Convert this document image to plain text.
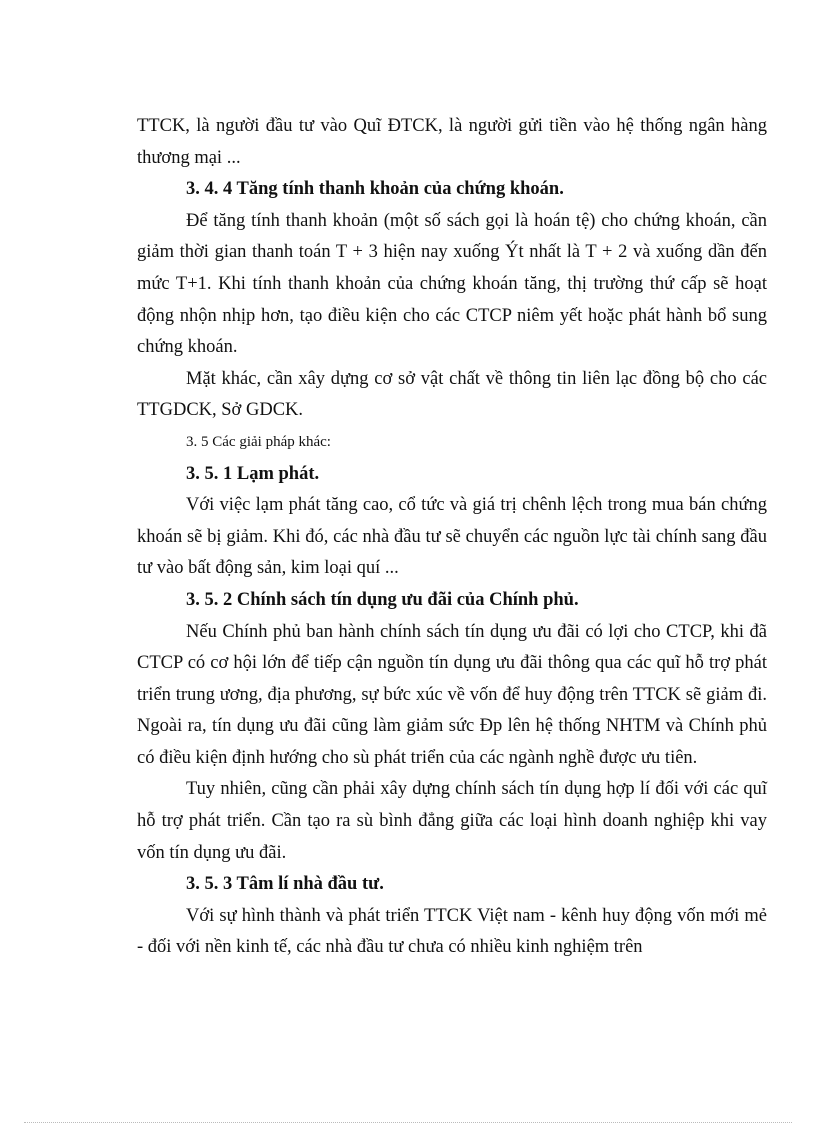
TTCK, là người đầu tư vào Quĩ ĐTCK, là người gửi tiền vào hệ thống ngân hàng thương mại ...

3. 4. 4 Tăng tính thanh khoản của chứng khoán.

Để tăng tính thanh khoản (một số sách gọi là hoán tệ) cho chứng khoán, cần giảm thời gian thanh toán T + 3 hiện nay xuống Ýt nhất là T + 2 và xuống dần đến mức T+1. Khi tính thanh khoản của chứng khoán tăng, thị trường thứ cấp sẽ hoạt động nhộn nhịp hơn, tạo điều kiện cho các CTCP niêm yết hoặc phát hành bổ sung chứng khoán.

Mặt khác, cần xây dựng cơ sở vật chất về thông tin liên lạc đồng bộ cho các TTGDCK, Sở GDCK.

3. 5 Các giải pháp khác:

3. 5. 1 Lạm phát.

Với việc lạm phát tăng cao, cổ tức và giá trị chênh lệch trong mua bán chứng khoán sẽ bị giảm. Khi đó, các nhà đầu tư sẽ chuyển các nguồn lực tài chính sang đầu tư vào bất động sản, kim loại quí ...

3. 5. 2 Chính sách tín dụng ưu đãi của Chính phủ.

Nếu Chính phủ ban hành chính sách tín dụng ưu đãi có lợi cho CTCP, khi đã CTCP có cơ hội lớn để tiếp cận nguồn tín dụng ưu đãi thông qua các quĩ hỗ trợ phát triển trung ương, địa phương, sự bức xúc về vốn để huy động trên TTCK sẽ giảm đi. Ngoài ra, tín dụng ưu đãi cũng làm giảm sức Đp lên hệ thống NHTM và Chính phủ có điều kiện định hướng cho sù phát triển của các ngành nghề được ưu tiên.

Tuy nhiên, cũng cần phải xây dựng chính sách tín dụng hợp lí đối với các quĩ hỗ trợ phát triển. Cần tạo ra sù bình đẳng giữa các loại hình doanh nghiệp khi vay vốn tín dụng ưu đãi.

3. 5. 3 Tâm lí nhà đầu tư.

Với sự hình thành và phát triển TTCK Việt nam - kênh huy động vốn mới mẻ - đối với nền kinh tế, các nhà đầu tư chưa có nhiều kinh nghiệm trên
